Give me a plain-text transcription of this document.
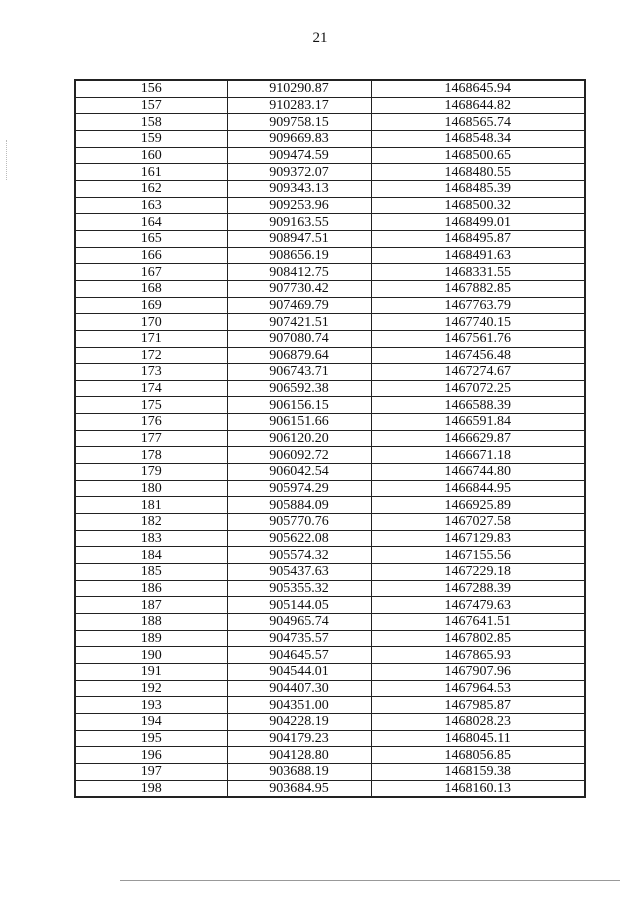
21
156	910290.87	1468645.94
157	910283.17	1468644.82
158	909758.15	1468565.74
159	909669.83	1468548.34
160	909474.59	1468500.65
161	909372.07	1468480.55
162	909343.13	1468485.39
163	909253.96	1468500.32
164	909163.55	1468499.01
165	908947.51	1468495.87
166	908656.19	1468491.63
167	908412.75	1468331.55
168	907730.42	1467882.85
169	907469.79	1467763.79
170	907421.51	1467740.15
171	907080.74	1467561.76
172	906879.64	1467456.48
173	906743.71	1467274.67
174	906592.38	1467072.25
175	906156.15	1466588.39
176	906151.66	1466591.84
177	906120.20	1466629.87
178	906092.72	1466671.18
179	906042.54	1466744.80
180	905974.29	1466844.95
181	905884.09	1466925.89
182	905770.76	1467027.58
183	905622.08	1467129.83
184	905574.32	1467155.56
185	905437.63	1467229.18
186	905355.32	1467288.39
187	905144.05	1467479.63
188	904965.74	1467641.51
189	904735.57	1467802.85
190	904645.57	1467865.93
191	904544.01	1467907.96
192	904407.30	1467964.53
193	904351.00	1467985.87
194	904228.19	1468028.23
195	904179.23	1468045.11
196	904128.80	1468056.85
197	903688.19	1468159.38
198	903684.95	1468160.13
